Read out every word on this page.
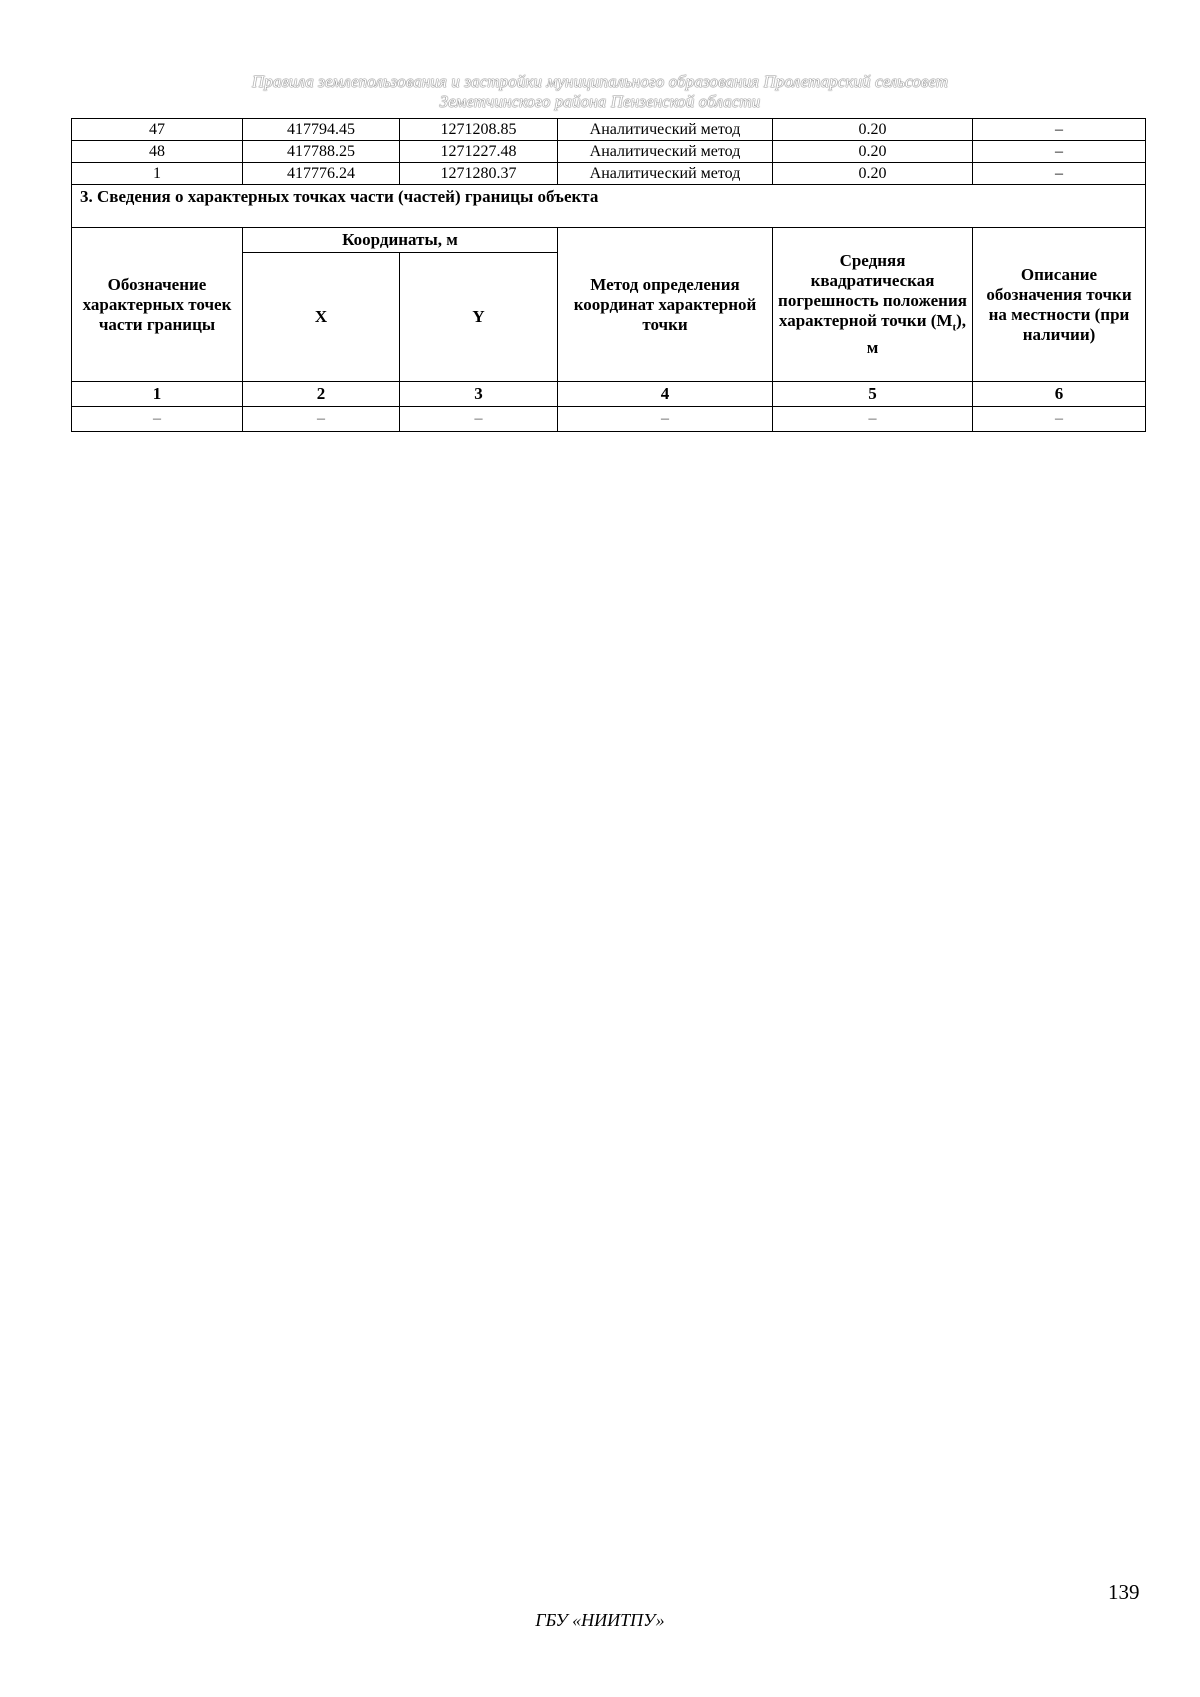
Правила землепользования и застройки муниципального образования Пролетарский сельсовет
Земетчинского района Пензенской области
47	417794.45	1271208.85	Аналитический метод	0.20	–
48	417788.25	1271227.48	Аналитический метод	0.20	–
1	417776.24	1271280.37	Аналитический метод	0.20	–
3. Сведения о характерных точках части (частей) границы объекта					
Обозначение характерных точек части границы	Координаты, м		Метод определения координат характерной точки	Средняя квадратическая погрешность положения характерной точки $(M_t)$, м	Описание обозначения точки на местности (при наличии)
	X	Y			
1	2	3	4	5	6
–	–	–	–	–	–
139
ГБУ «НИИТПУ»
